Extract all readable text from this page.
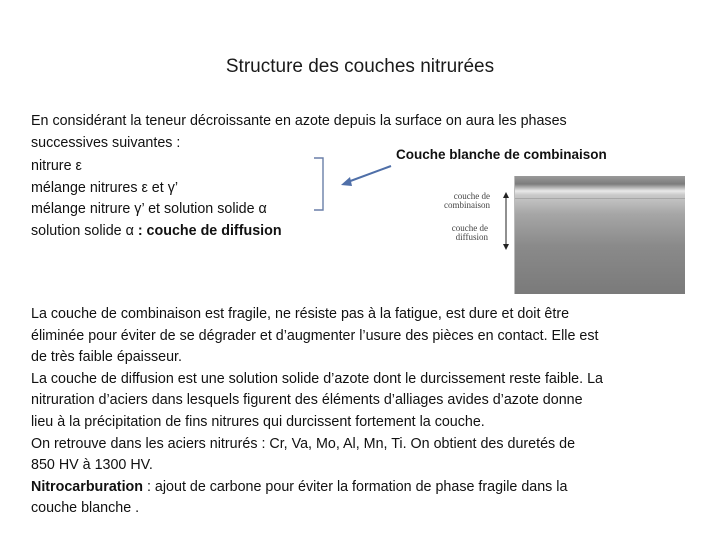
Structure des couches nitrurées
En considérant la teneur décroissante en azote depuis la surface on aura les phases
successives suivantes :
nitrure ε
mélange nitrures ε et γ’
mélange nitrure γ’ et solution solide α
solution solide α : couche de diffusion
Couche blanche de combinaison
couche de
combinaison
couche de
diffusion
La couche de combinaison est fragile, ne résiste pas à la fatigue, est dure et doit être
éliminée pour éviter de se dégrader et d’augmenter l’usure des pièces en contact. Elle est
de très faible épaisseur.
La couche de diffusion est une solution solide d’azote dont le durcissement reste faible. La
nitruration d’aciers dans lesquels figurent des éléments d’alliages avides d’azote donne
lieu à la précipitation de fins nitrures qui durcissent fortement la couche.
On retrouve dans les aciers nitrurés : Cr, Va, Mo, Al, Mn, Ti. On obtient des duretés de
850 HV à 1300 HV.
Nitrocarburation : ajout de carbone pour éviter la formation de phase fragile dans la
couche blanche .
